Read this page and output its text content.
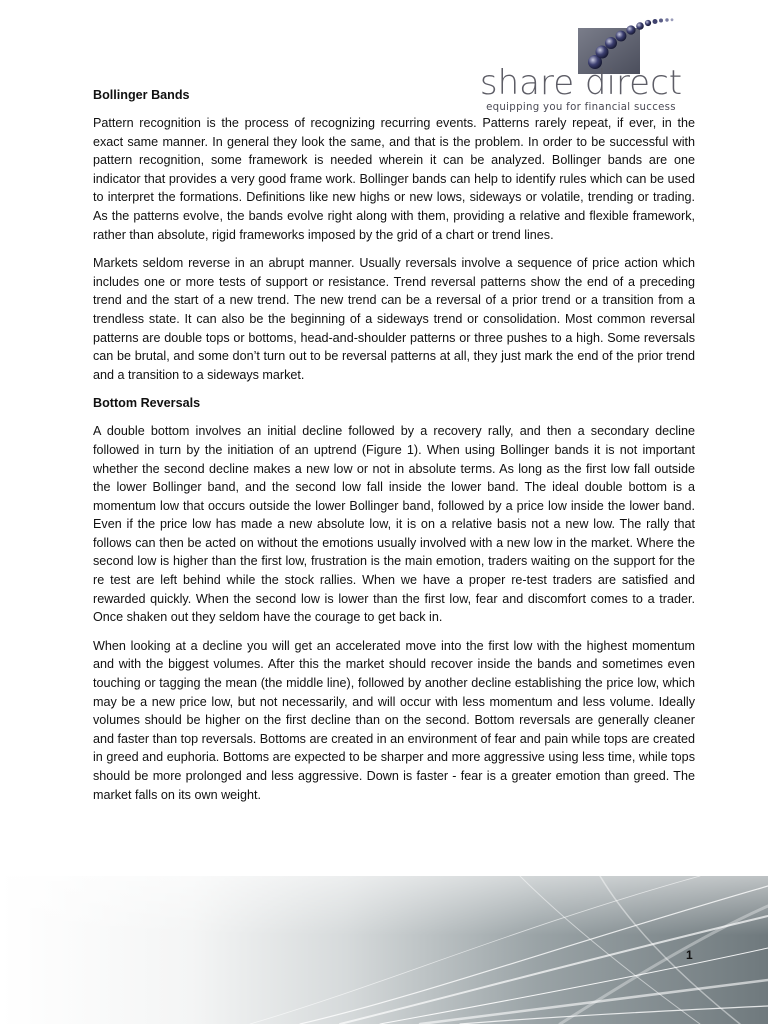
share direct
equipping you for financial success
Bollinger Bands

Pattern recognition is the process of recognizing recurring events. Patterns rarely repeat, if ever, in the exact same manner. In general they look the same, and that is the problem. In order to be successful with pattern recognition, some framework is needed wherein it can be analyzed. Bollinger bands are one indicator that provides a very good frame work. Bollinger bands can help to identify rules which can be used to interpret the formations. Definitions like new highs or new lows, sideways or volatile, trending or trading. As the patterns evolve, the bands evolve right along with them, providing a relative and flexible framework, rather than absolute, rigid frameworks imposed by the grid of a chart or trend lines.

Markets seldom reverse in an abrupt manner. Usually reversals involve a sequence of price action which includes one or more tests of support or resistance. Trend reversal patterns show the end of a preceding trend and the start of a new trend. The new trend can be a reversal of a prior trend or a transition from a trendless state. It can also be the beginning of a sideways trend or consolidation. Most common reversal patterns are double tops or bottoms, head-and-shoulder patterns or three pushes to a high. Some reversals can be brutal, and some don’t turn out to be reversal patterns at all, they just mark the end of the prior trend and a transition to a sideways market.

Bottom Reversals

A double bottom involves an initial decline followed by a recovery rally, and then a secondary decline followed in turn by the initiation of an uptrend (Figure 1). When using Bollinger bands it is not important whether the second decline makes a new low or not in absolute terms. As long as the first low fall outside the lower Bollinger band, and the second low fall inside the lower band. The ideal double bottom is a momentum low that occurs outside the lower Bollinger band, followed by a price low inside the lower band. Even if the price low has made a new absolute low, it is on a relative basis not a new low. The rally that follows can then be acted on without the emotions usually involved with a new low in the market. Where the second low is higher than the first low, frustration is the main emotion, traders waiting on the support for the re test are left behind while the stock rallies. When we have a proper re-test traders are satisfied and rewarded quickly. When the second low is lower than the first low, fear and discomfort comes to a trader. Once shaken out they seldom have the courage to get back in.

When looking at a decline you will get an accelerated move into the first low with the highest momentum and with the biggest volumes. After this the market should recover inside the bands and sometimes even touching or tagging the mean (the middle line), followed by another decline establishing the price low, which may be a new price low, but not necessarily, and will occur with less momentum and less volume. Ideally volumes should be higher on the first decline than on the second. Bottom reversals are generally cleaner and faster than top reversals. Bottoms are created in an environment of fear and pain while tops are created in greed and euphoria. Bottoms are expected to be sharper and more aggressive using less time, while tops should be more prolonged and less aggressive. Down is faster - fear is a greater emotion than greed. The market falls on its own weight.

1
